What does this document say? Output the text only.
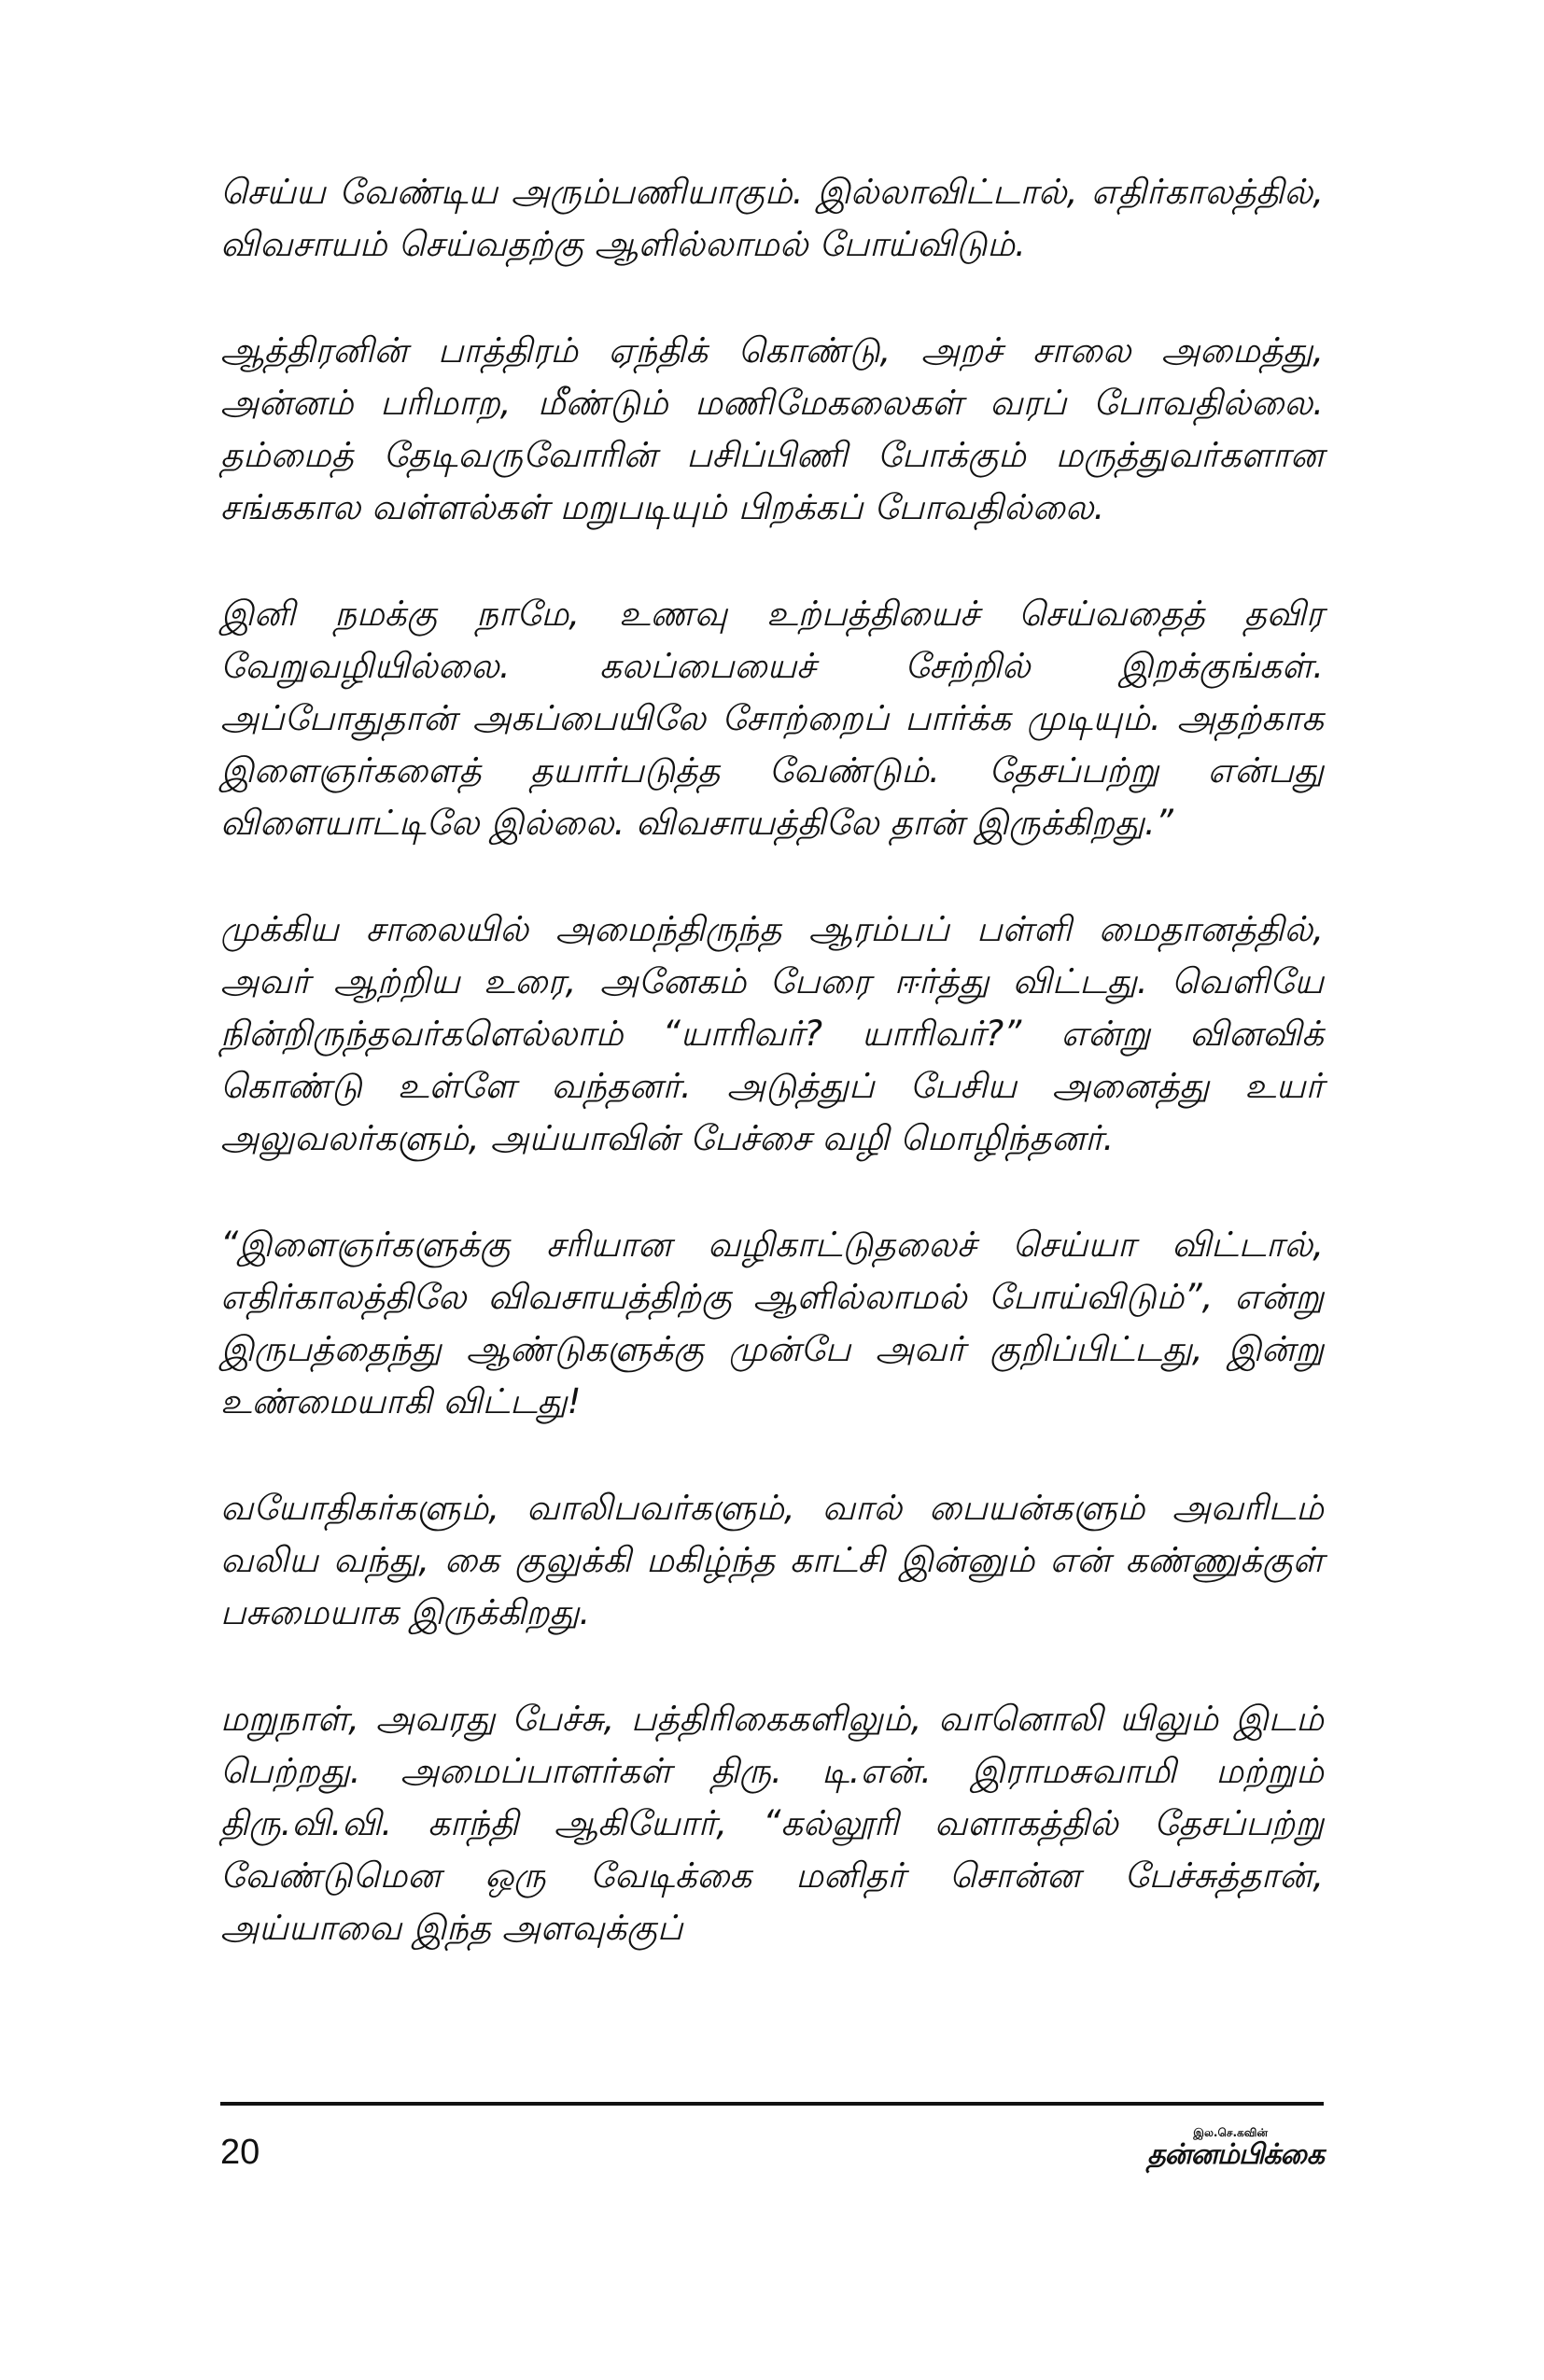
செய்ய வேண்டிய அரும்பணியாகும். இல்லாவிட்டால், எதிர்காலத்தில், விவசாயம் செய்வதற்கு ஆளில்லாமல் போய்விடும்.

ஆத்திரனின் பாத்திரம் ஏந்திக் கொண்டு, அறச் சாலை அமைத்து, அன்னம் பரிமாற, மீண்டும் மணிமேகலைகள் வரப் போவதில்லை. தம்மைத் தேடிவருவோரின் பசிப்பிணி போக்கும் மருத்துவர்களான சங்ககால வள்ளல்கள் மறுபடியும் பிறக்கப் போவதில்லை.

இனி நமக்கு நாமே, உணவு உற்பத்தியைச் செய்வதைத் தவிர வேறுவழியில்லை. கலப்பையைச் சேற்றில் இறக்குங்கள். அப்போதுதான் அகப்பையிலே சோற்றைப் பார்க்க முடியும். அதற்காக இளைஞர்களைத் தயார்படுத்த வேண்டும். தேசப்பற்று என்பது விளையாட்டிலே இல்லை. விவசாயத்திலே தான் இருக்கிறது.”

முக்கிய சாலையில் அமைந்திருந்த ஆரம்பப் பள்ளி மைதானத்தில், அவர் ஆற்றிய உரை, அனேகம் பேரை ஈர்த்து விட்டது. வெளியே நின்றிருந்தவர்களெல்லாம் “யாரிவர்? யாரிவர்?” என்று வினவிக் கொண்டு உள்ளே வந்தனர். அடுத்துப் பேசிய அனைத்து உயர் அலுவலர்களும், அய்யாவின் பேச்சை வழி மொழிந்தனர்.

“இளைஞர்களுக்கு சரியான வழிகாட்டுதலைச் செய்யா விட்டால், எதிர்காலத்திலே விவசாயத்திற்கு ஆளில்லாமல் போய்விடும்”, என்று இருபத்தைந்து ஆண்டுகளுக்கு முன்பே அவர் குறிப்பிட்டது, இன்று உண்மையாகி விட்டது!

வயோதிகர்களும், வாலிபவர்களும், வால் பையன்களும் அவரிடம் வலிய வந்து, கை குலுக்கி மகிழ்ந்த காட்சி இன்னும் என் கண்ணுக்குள் பசுமையாக இருக்கிறது.

மறுநாள், அவரது பேச்சு, பத்திரிகைகளிலும், வானொலி யிலும் இடம் பெற்றது. அமைப்பாளர்கள் திரு. டி.என். இராமசுவாமி மற்றும் திரு.வி.வி. காந்தி ஆகியோர், “கல்லூரி வளாகத்தில் தேசப்பற்று வேண்டுமென ஒரு வேடிக்கை மனிதர் சொன்ன பேச்சுத்தான், அய்யாவை இந்த அளவுக்குப்

20	இல.செ.கவின்
தன்னம்பிக்கை
